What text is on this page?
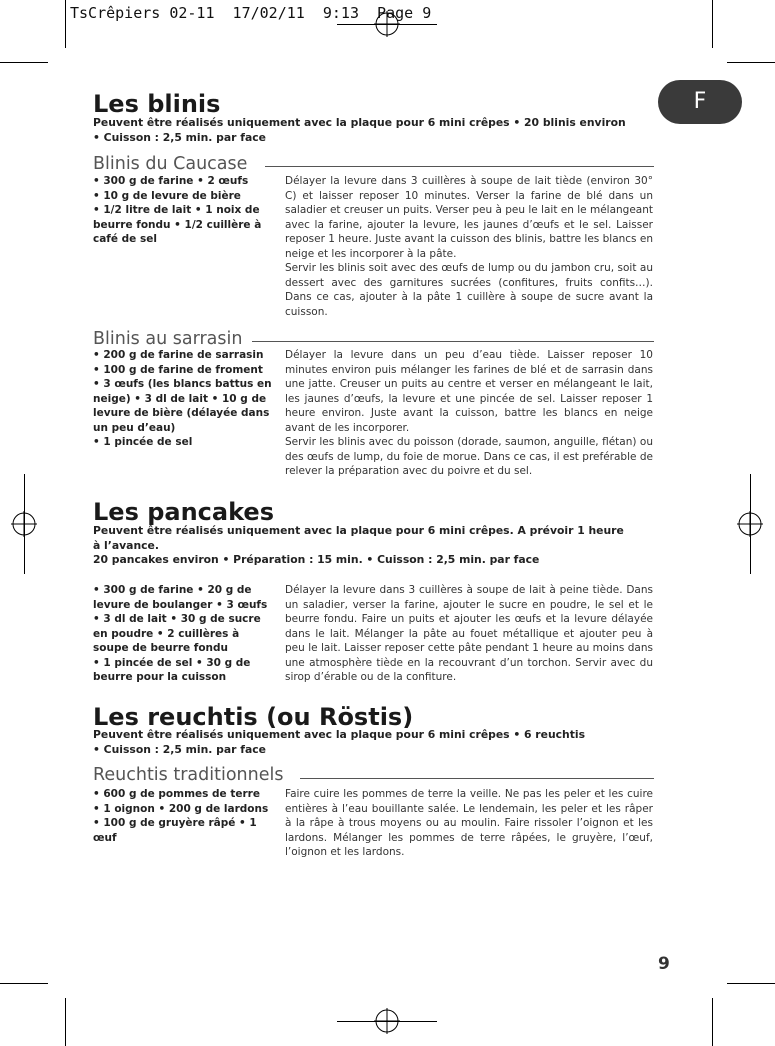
TsCrêpiers 02-11  17/02/11  9:13  Page 9
F
Les blinis
Peuvent être réalisés uniquement avec la plaque pour 6 mini crêpes • 20 blinis environ
• Cuisson : 2,5 min. par face
Blinis du Caucase
• 300 g de farine • 2 œufs
• 10 g de levure de bière
• 1/2 litre de lait • 1 noix de beurre fondu • 1/2 cuillère à café de sel

Délayer la levure dans 3 cuillères à soupe de lait tiède (environ 30° C) et laisser reposer 10 minutes. Verser la farine de blé dans un saladier et creuser un puits. Verser peu à peu le lait en le mélangeant avec la farine, ajouter la levure, les jaunes d’œufs et le sel. Laisser reposer 1 heure. Juste avant la cuisson des blinis, battre les blancs en neige et les incorporer à la pâte.

Servir les blinis soit avec des œufs de lump ou du jambon cru, soit au dessert avec des garnitures sucrées (confitures, fruits confits…). Dans ce cas, ajouter à la pâte 1 cuillère à soupe de sucre avant la cuisson.

Blinis au sarrasin
• 200 g de farine de sarrasin
• 100 g de farine de froment
• 3 œufs (les blancs battus en neige) • 3 dl de lait • 10 g de levure de bière (délayée dans un peu d’eau)
• 1 pincée de sel

Délayer la levure dans un peu d’eau tiède. Laisser reposer 10 minutes environ puis mélanger les farines de blé et de sarrasin dans une jatte. Creuser un puits au centre et verser en mélangeant le lait, les jaunes d’œufs, la levure et une pincée de sel. Laisser reposer 1 heure environ. Juste avant la cuisson, battre les blancs en neige avant de les incorporer.

Servir les blinis avec du poisson (dorade, saumon, anguille, flétan) ou des œufs de lump, du foie de morue. Dans ce cas, il est preférable de relever la préparation avec du poivre et du sel.

Les pancakes
Peuvent être réalisés uniquement avec la plaque pour 6 mini crêpes. A prévoir 1 heure à l’avance.
20 pancakes environ • Préparation : 15 min. • Cuisson : 2,5 min. par face
• 300 g de farine • 20 g de levure de boulanger • 3 œufs
• 3 dl de lait • 30 g de sucre en poudre • 2 cuillères à soupe de beurre fondu
• 1 pincée de sel • 30 g de beurre pour la cuisson

Délayer la levure dans 3 cuillères à soupe de lait à peine tiède. Dans un saladier, verser la farine, ajouter le sucre en poudre, le sel et le beurre fondu. Faire un puits et ajouter les œufs et la levure délayée dans le lait. Mélanger la pâte au fouet métallique et ajouter peu à peu le lait. Laisser reposer cette pâte pendant 1 heure au moins dans une atmosphère tiède en la recouvrant d’un torchon. Servir avec du sirop d’érable ou de la confiture.

Les reuchtis (ou Röstis)
Peuvent être réalisés uniquement avec la plaque pour 6 mini crêpes • 6 reuchtis
• Cuisson : 2,5 min. par face
Reuchtis traditionnels
• 600 g de pommes de terre
• 1 oignon • 200 g de lardons • 100 g de gruyère râpé • 1 œuf

Faire cuire les pommes de terre la veille. Ne pas les peler et les cuire entières à l’eau bouillante salée. Le lendemain, les peler et les râper à la râpe à trous moyens ou au moulin. Faire rissoler l’oignon et les lardons. Mélanger les pommes de terre râpées, le gruyère, l’œuf, l’oignon et les lardons.

9
